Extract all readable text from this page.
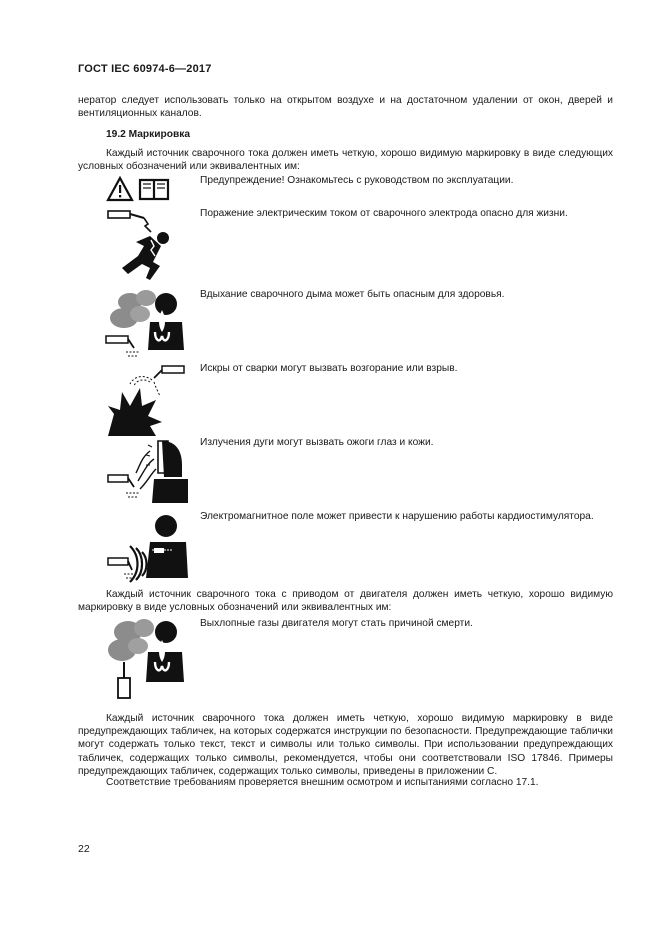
ГОСТ IEC 60974-6—2017
нератор следует использовать только на открытом воздухе и на достаточном удалении от окон, дверей и вентиляционных каналов.
19.2 Маркировка
Каждый источник сварочного тока должен иметь четкую, хорошо видимую маркировку в виде следующих условных обозначений или эквивалентных им:
Предупреждение! Ознакомьтесь с руководством по эксплуатации.
Поражение электрическим током от сварочного электрода опасно для жизни.
Вдыхание сварочного дыма может быть опасным для здоровья.
Искры от сварки могут вызвать возгорание или взрыв.
Излучения дуги могут вызвать ожоги глаз и кожи.
Электромагнитное поле может привести к нарушению работы кардиостимулятора.
Каждый источник сварочного тока с приводом от двигателя должен иметь четкую, хорошо видимую маркировку в виде условных обозначений или эквивалентных им:
Выхлопные газы двигателя могут стать причиной смерти.
Каждый источник сварочного тока должен иметь четкую, хорошо видимую маркировку в виде предупреждающих табличек, на которых содержатся инструкции по безопасности. Предупреждающие таблички могут содержать только текст, текст и символы или только символы. При использовании предупреждающих табличек, содержащих только символы, рекомендуется, чтобы они соответствовали ISO 17846. Примеры предупреждающих табличек, содержащих только символы, приведены в приложении С.
Соответствие требованиям проверяется внешним осмотром и испытаниями согласно 17.1.
22
